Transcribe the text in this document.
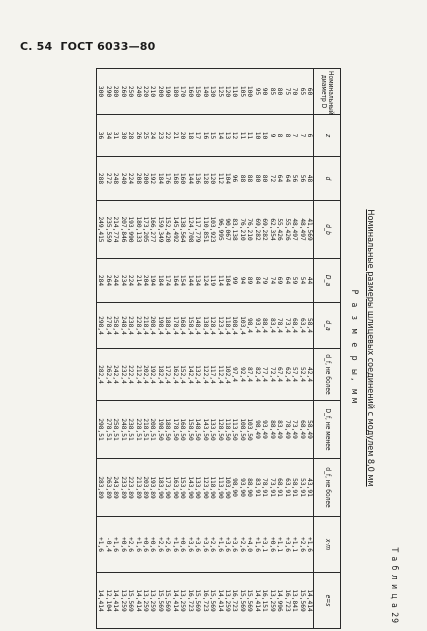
С. 54 ГОСТ 6033—80
Т а б л и ц а 29
Номинальные размеры шлицевых соединений с модулем 8,0 мм
Р а з м е р ы, мм
Номинальный диаметр D	z	d	d_b	D_a	d_a	d_f, не более	D_f, не менее	d_f, не более	x·m	e=s
60	6	48	41,569	44	58,4	42,4	58,49	43,91	+1,6	14,414
65	7	56	48,497	54	63,4	52,4	68,49	53,91	+2,6	15,569
70	7	56	48,497	59	68,4	57,4	73,49	58,91	+1,1	13,841
75	8	64	55,426	64	73,4	62,4	78,49	63,91	+3,6	16,723
80	8	64	55,426	69	78,4	67,4	83,49	68,91	+1,1	14,996
85	9	72	62,354	74	83,4	72,4	88,49	73,91	+0,6	13,259
90	10	80	69,282	79	88,4	77,4	93,49	78,91	+3,1	16,151
95	10	80	69,282	84	93,4	82,4	98,49	83,91	+1,6	14,414
100	11	88	76,210	89	98,4	87,4	103,50	88,90	+4,0	15,569
105	11	88	76,210	94	103,4	92,4	108,50	93,90	+2,6	15,569
110	12	96	83,138	99	108,4	97,4	113,50	98,90	+3,6	16,723
120	13	104	90,067	104	118,4	102,4	118,50	103,90	+3,6	13,259
125	14	112	96,995	114	123,4	112,4	128,50	113,90	+1,6	14,414
130	15	120	103,923	119	128,4	117,4	133,50	118,90	+2,6	15,569
140	16	128	110,851	124	138,4	122,4	143,50	123,90	+3,6	16,723
150	17	136	117,779	134	148,4	132,4	148,50	133,90	+3,6	15,569
160	18	144	124,708	144	158,4	142,4	158,50	143,90	+3,6	16,723
170	20	160	138,564	154	168,4	152,4	168,50	153,90	+0,6	13,259
180	21	168	145,492	164	178,4	162,4	178,50	163,90	+1,6	14,414
190	22	176	152,420	174	188,4	172,4	188,50	173,90	+2,6	15,569
200	23	184	159,349	184	198,4	182,4	198,50	183,90	+2,6	15,569
210	24	192	166,277	194	208,4	192,4	208,51	193,89	+0,6	13,259
220	25	200	173,205	204	218,4	202,4	218,51	203,89	+0,6	13,259
240	26	208	180,133	214	228,4	212,4	228,51	213,89	+1,6	14,414
250	28	224	193,990	224	238,4	222,4	238,51	223,89	+2,6	15,569
260	30	240	207,846	234	248,4	232,4	248,51	233,89	+0,6	13,259
280	31	248	214,774	244	258,4	242,4	258,51	243,89	+1,6	14,414
290	34	272	235,559	264	278,4	262,4	278,51	263,89	-0,4	12,104
300	36	288	249,415	284	298,4	282,4	298,51	283,89	+1,6	14,414
